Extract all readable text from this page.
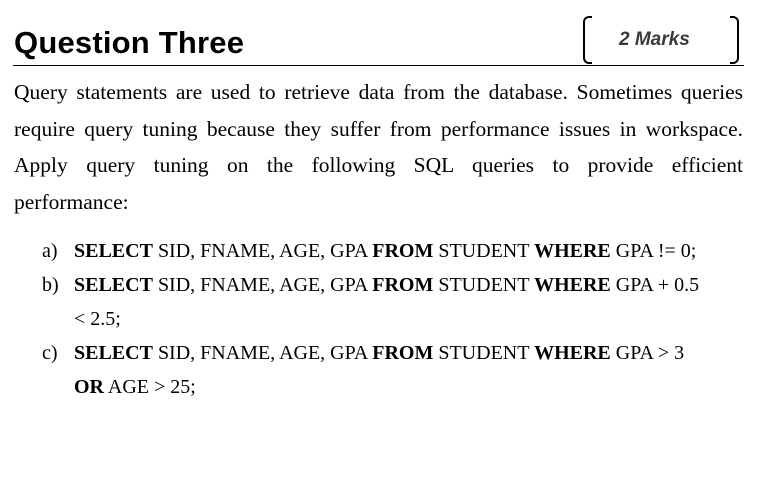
Question Three	2 Marks
Query statements are used to retrieve data from the database. Sometimes queries
require query tuning because they suffer from performance issues in workspace.
Apply query tuning on the following SQL queries to provide efficient
performance:
a) SELECT SID, FNAME, AGE, GPA FROM STUDENT WHERE GPA != 0;
b) SELECT SID, FNAME, AGE, GPA FROM STUDENT WHERE GPA + 0.5
< 2.5;
c) SELECT SID, FNAME, AGE, GPA FROM STUDENT WHERE GPA > 3
OR AGE > 25;
